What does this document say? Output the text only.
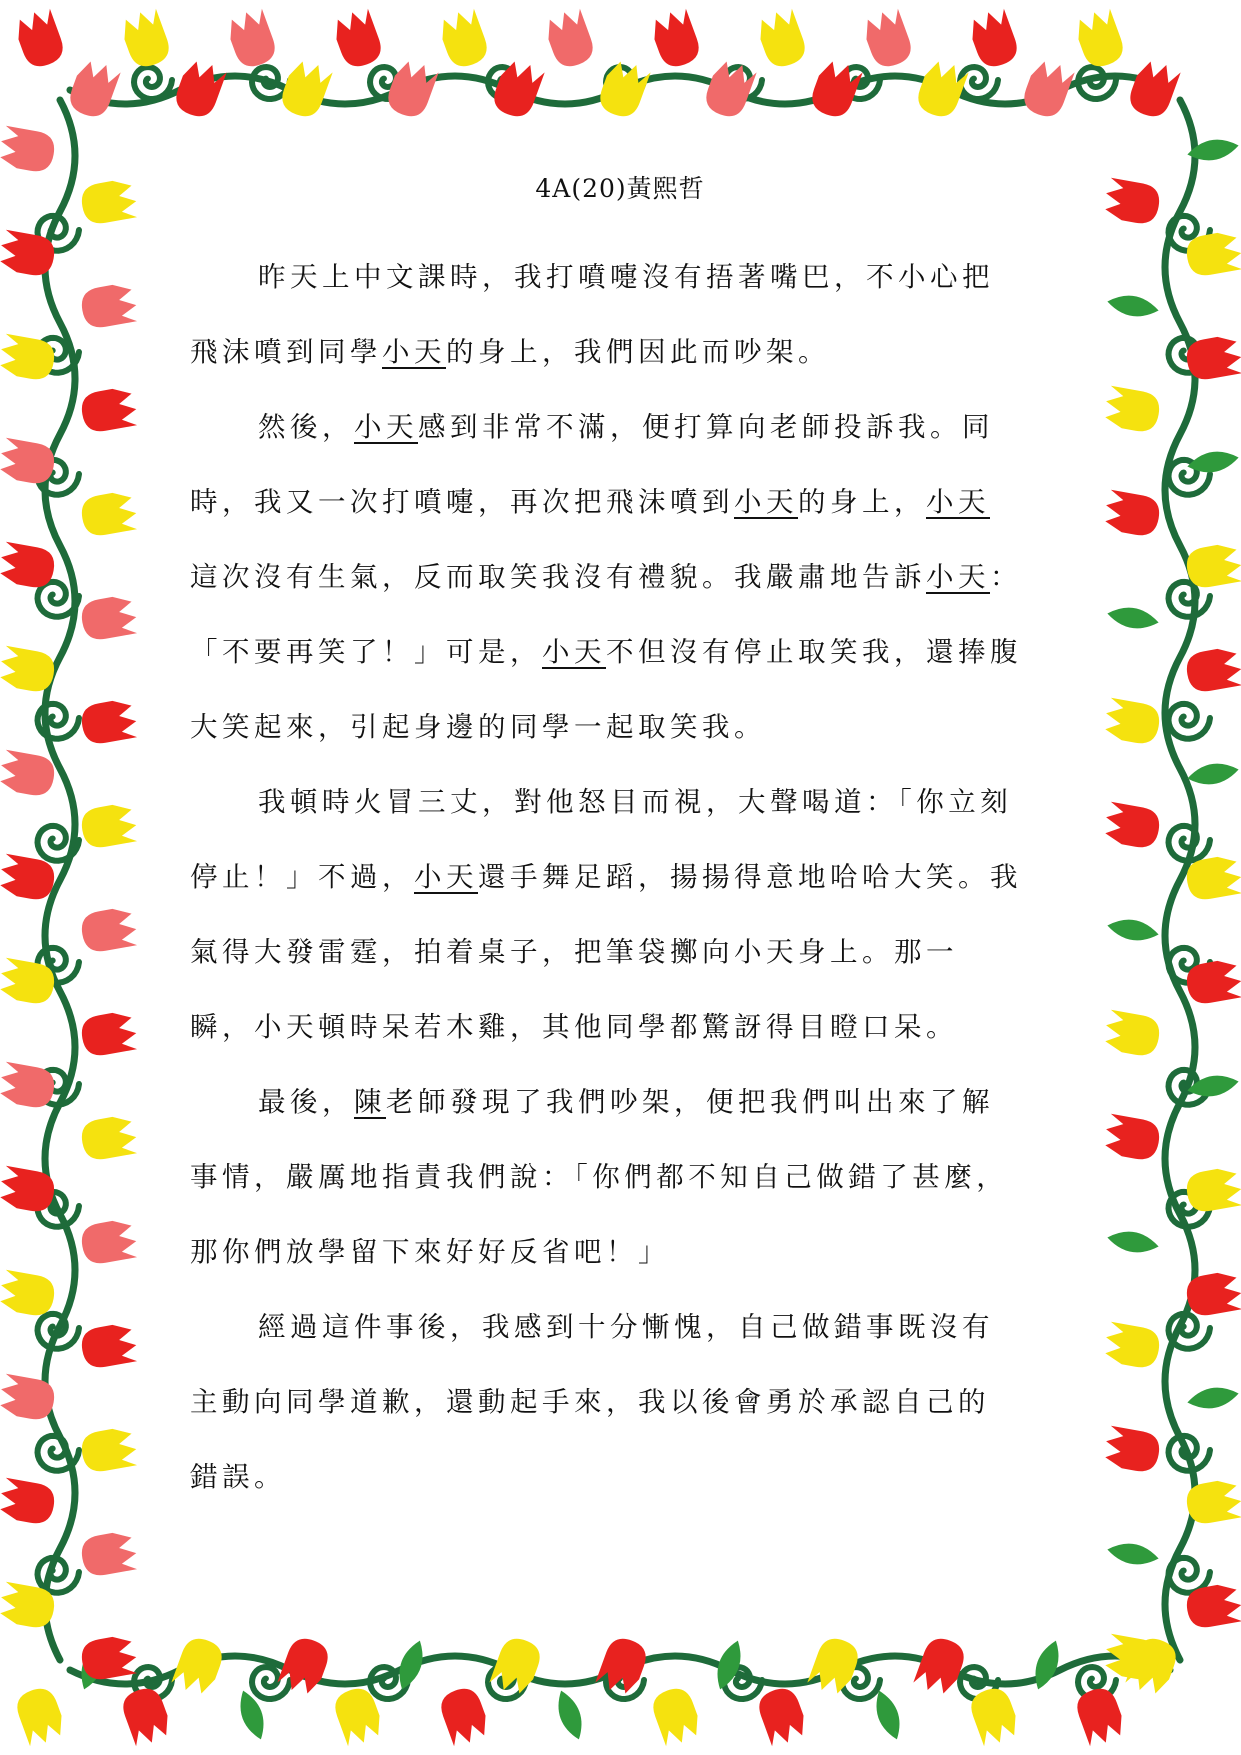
4A(20)黃熙哲
昨天上中文課時，我打噴嚏沒有捂著嘴巴，不小心把
飛沫噴到同學小天的身上，我們因此而吵架。
然後，小天感到非常不滿，便打算向老師投訴我。同
時，我又一次打噴嚏，再次把飛沫噴到小天的身上，小天
這次沒有生氣，反而取笑我沒有禮貌。我嚴肅地告訴小天：
「不要再笑了！」可是，小天不但沒有停止取笑我，還捧腹
大笑起來，引起身邊的同學一起取笑我。
我頓時火冒三丈，對他怒目而視，大聲喝道：「你立刻
停止！」不過，小天還手舞足蹈，揚揚得意地哈哈大笑。我
氣得大發雷霆，拍着桌子，把筆袋擲向小天身上。那一
瞬，小天頓時呆若木雞，其他同學都驚訝得目瞪口呆。
最後，陳老師發現了我們吵架，便把我們叫出來了解
事情，嚴厲地指責我們說：「你們都不知自己做錯了甚麼，
那你們放學留下來好好反省吧！」
經過這件事後，我感到十分慚愧，自己做錯事既沒有
主動向同學道歉，還動起手來，我以後會勇於承認自己的
錯誤。
